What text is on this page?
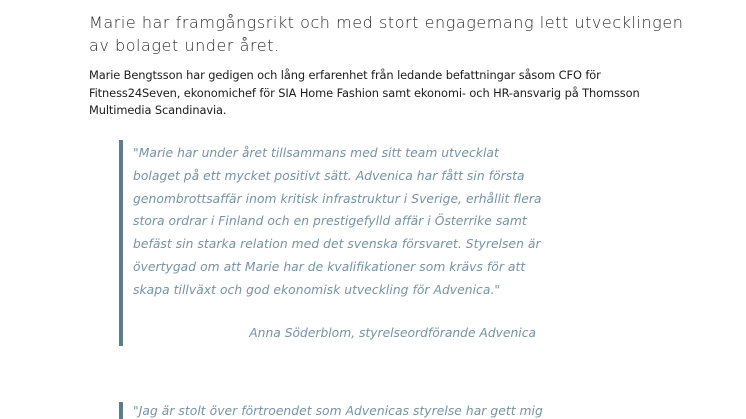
Marie har framgångsrikt och med stort engagemang lett utvecklingen
av bolaget under året.

Marie Bengtsson har gedigen och lång erfarenhet från ledande befattningar såsom CFO för Fitness24Seven, ekonomichef för SIA Home Fashion samt ekonomi- och HR-ansvarig på Thomsson Multimedia Scandinavia.

"Marie har under året tillsammans med sitt team utvecklat
bolaget på ett mycket positivt sätt. Advenica har fått sin första
genombrottsaffär inom kritisk infrastruktur i Sverige, erhållit flera
stora ordrar i Finland och en prestigefylld affär i Österrike samt
befäst sin starka relation med det svenska försvaret. Styrelsen är
övertygad om att Marie har de kvalifikationer som krävs för att
skapa tillväxt och god ekonomisk utveckling för Advenica."

Anna Söderblom, styrelseordförande Advenica

"Jag är stolt över förtroendet som Advenicas styrelse har gett mig
